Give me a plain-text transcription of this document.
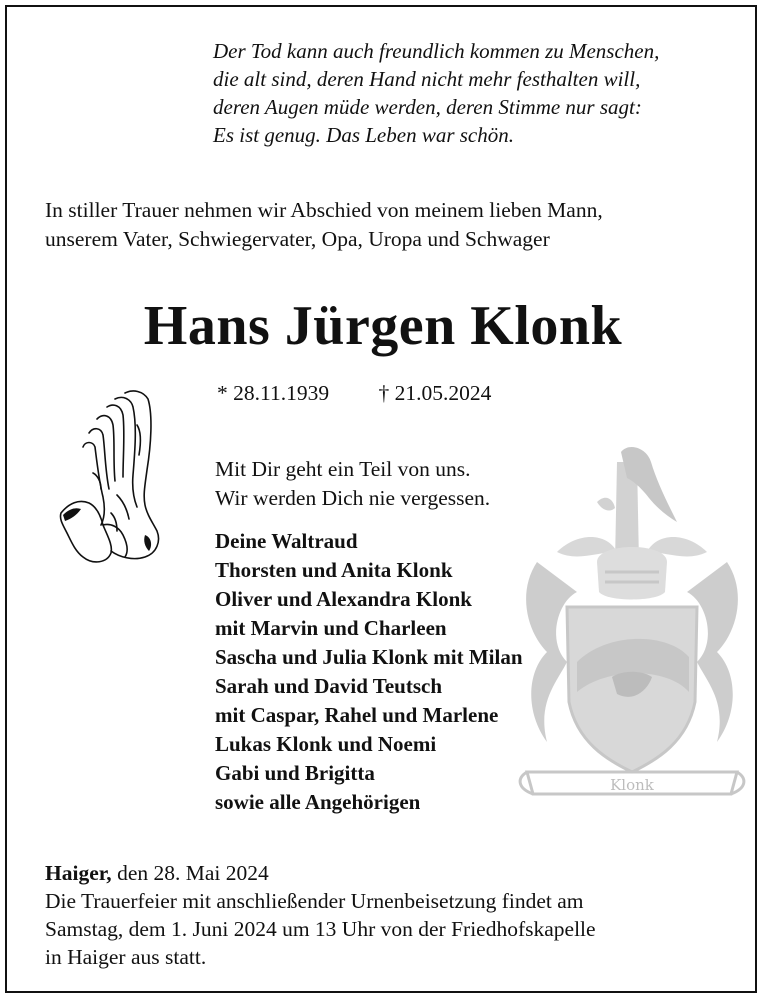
Der Tod kann auch freundlich kommen zu Menschen,
die alt sind, deren Hand nicht mehr festhalten will,
deren Augen müde werden, deren Stimme nur sagt:
Es ist genug. Das Leben war schön.
In stiller Trauer nehmen wir Abschied von meinem lieben Mann,
unserem Vater, Schwiegervater, Opa, Uropa und Schwager
Hans Jürgen Klonk
* 28.11.1939 † 21.05.2024
Mit Dir geht ein Teil von uns.
Wir werden Dich nie vergessen.
Klonk
Deine Waltraud
Thorsten und Anita Klonk
Oliver und Alexandra Klonk
mit Marvin und Charleen
Sascha und Julia Klonk mit Milan
Sarah und David Teutsch
mit Caspar, Rahel und Marlene
Lukas Klonk und Noemi
Gabi und Brigitta
sowie alle Angehörigen
Haiger, den 28. Mai 2024
Die Trauerfeier mit anschließender Urnenbeisetzung findet am
Samstag, dem 1. Juni 2024 um 13 Uhr von der Friedhofskapelle
in Haiger aus statt.
